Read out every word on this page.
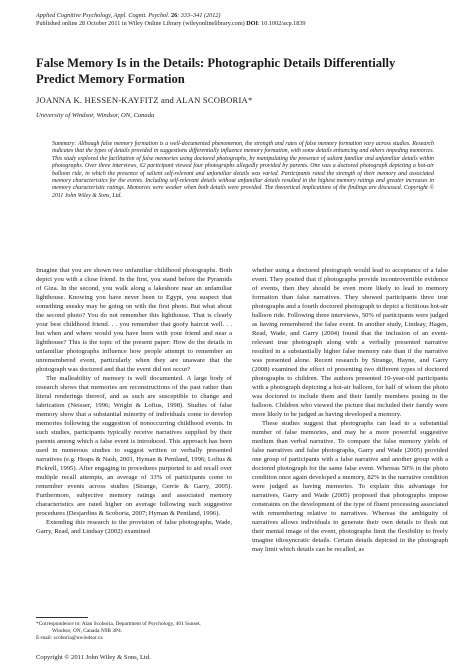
Applied Cognitive Psychology, Appl. Cognit. Psychol. 26: 333–341 (2012)
Published online 28 October 2011 in Wiley Online Library (wileyonlinelibrary.com) DOI: 10.1002/acp.1839
False Memory Is in the Details: Photographic Details Differentially Predict Memory Formation
JOANNA K. HESSEN-KAYFITZ and ALAN SCOBORIA*
University of Windsor, Windsor, ON, Canada
Summary: Although false memory formation is a well-documented phenomenon, the strength and rates of false memory formation vary across studies. Research indicates that the types of details provided in suggestions differentially influence memory formation, with some details enhancing and others impeding memories. This study explored the facilitation of false memories using doctored photographs, by manipulating the presence of salient familiar and unfamiliar details within photographs. Over three interviews, 62 participant viewed four photographs allegedly provided by parents. One was a doctored photograph depicting a hot-air balloon ride, in which the presence of salient self-relevant and unfamiliar details was varied. Participants rated the strength of their memory and associated memory characteristics for the events. Including self-relevant details without unfamiliar details resulted in the highest memory ratings and greater increases in memory characteristic ratings. Memories were weaker when both details were provided. The theoretical implications of the findings are discussed. Copyright © 2011 John Wiley & Sons, Ltd.

Imagine that you are shown two unfamiliar childhood photographs. Both depict you with a close friend. In the first, you stand before the Pyramids of Giza. In the second, you walk along a lakeshore near an unfamiliar lighthouse. Knowing you have never been to Egypt, you suspect that something sneaky may be going on with the first photo. But what about the second photo? You do not remember this lighthouse. That is clearly your best childhood friend. . . you remember that goofy haircut well. . . but when and where would you have been with your friend and near a lighthouse? This is the topic of the present paper: How do the details in unfamiliar photographs influence how people attempt to remember an unremembered event, particularly when they are unaware that the photograph was doctored and that the event did not occur?

The malleability of memory is well documented. A large body of research shows that memories are reconstructions of the past rather than literal renderings thereof, and as such are susceptible to change and fabrication (Neisser, 1996; Wright & Loftus, 1998). Studies of false memory show that a substantial minority of individuals come to develop memories following the suggestion of nonoccurring childhood events. In such studies, participants typically receive narratives supplied by their parents among which a false event is introduced. This approach has been used in numerous studies to suggest written or verbally presented narratives (e.g. Heaps & Nash, 2001, Hyman & Pentland, 1996; Loftus & Pickrell, 1995). After engaging in procedures purported to aid recall over multiple recall attempts, an average of 33% of participants come to remember events across studies (Strange, Gerrie & Garry, 2005). Furthermore, subjective memory ratings and associated memory characteristics are rated higher on average following such suggestive procedures (Desjardins & Scoboria, 2007; Hyman & Pentland, 1996).

Extending this research to the provision of false photographs, Wade, Garry, Read, and Lindsay (2002) examined

whether using a doctored photograph would lead to acceptance of a false event. They posited that if photographs provide incontrovertible evidence of events, then they should be even more likely to lead to memory formation than false narratives. They showed participants three true photographs and a fourth doctored photograph to depict a fictitious hot-air balloon ride. Following three interviews, 50% of participants were judged as having remembered the false event. In another study, Lindsay, Hagen, Read, Wade, and Garry (2004) found that the inclusion of an event-relevant true photograph along with a verbally presented narrative resulted in a substantially higher false memory rate than if the narrative was presented alone. Recent research by Strange, Hayne, and Garry (2008) examined the effect of presenting two different types of doctored photographs to children. The authors presented 10-year-old participants with a photograph depicting a hot-air balloon, for half of whom the photo was doctored to include them and their family members posing in the balloon. Children who viewed the picture that included their family were more likely to be judged as having developed a memory.

These studies suggest that photographs can lead to a substantial number of false memories, and may be a more powerful suggestive medium than verbal narrative. To compare the false memory yields of false narratives and false photographs, Garry and Wade (2005) provided one group of participants with a false narrative and another group with a doctored photograph for the same false event. Whereas 50% in the photo condition once again developed a memory, 82% in the narrative condition were judged as having memories. To explain this advantage for narratives, Garry and Wade (2005) proposed that photographs impose constraints on the development of the type of fluent processing associated with remembering relative to narratives. Whereas the ambiguity of narratives allows individuals to generate their own details to flesh out their mental image of the event, photographs limit the flexibility to freely imagine idiosyncratic details. Certain details depicted in the photograph may limit which details can be recalled, as

*Correspondence to: Alan Scoboria, Department of Psychology, 401 Sunset,
Windsor, ON, Canada N9B 3P4.
E-mail: scoboria@uwindsor.ca
Copyright © 2011 John Wiley & Sons, Ltd.
